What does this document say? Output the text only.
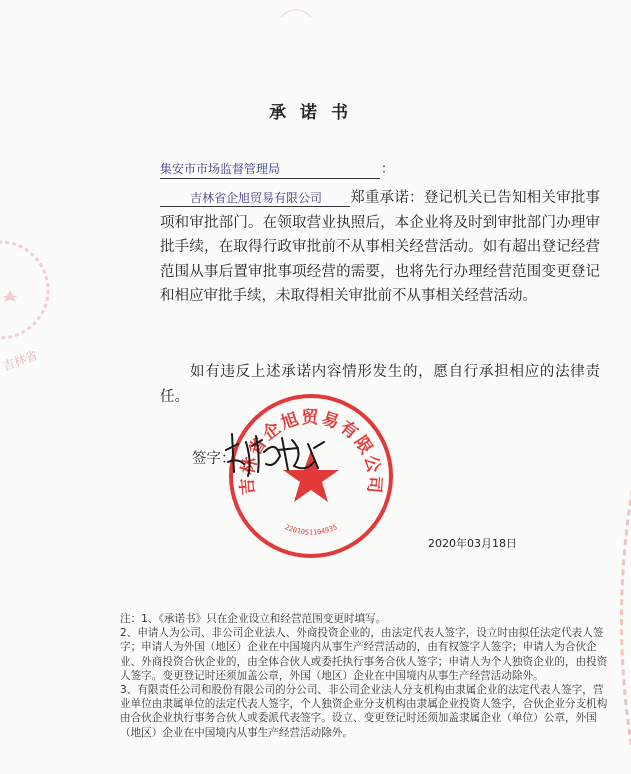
吉林省
承诺书
集安市市场监督管理局	：
吉林省企旭贸易有限公司 郑重承诺：登记机关已告知相关审批事项和审批部门。在领取营业执照后，本企业将及时到审批部门办理审批手续，在取得行政审批前不从事相关经营活动。如有超出登记经营范围从事后置审批事项经营的需要，也将先行办理经营范围变更登记和相应审批手续，未取得相关审批前不从事相关经营活动。
如有违反上述承诺内容情形发生的，愿自行承担相应的法律责任。
签字：
吉林省企旭贸易有限公司
2201051104935
2020年03月18日

注：1、《承诺书》只在企业设立和经营范围变更时填写。

2、申请人为公司、非公司企业法人、外商投资企业的，由法定代表人签字，设立时由拟任法定代表人签字；申请人为外国（地区）企业在中国境内从事生产经营活动的，由有权签字人签字；申请人为合伙企业、外商投资合伙企业的，由全体合伙人或委托执行事务合伙人签字；申请人为个人独资企业的，由投资人签字。变更登记时还须加盖公章，外国（地区）企业在中国境内从事生产经营活动除外。

3、有限责任公司和股份有限公司的分公司、非公司企业法人分支机构由隶属企业的法定代表人签字，营业单位由隶属单位的法定代表人签字，个人独资企业分支机构由隶属企业投资人签字，合伙企业分支机构由合伙企业执行事务合伙人或委派代表签字。设立、变更登记时还须加盖隶属企业（单位）公章，外国（地区）企业在中国境内从事生产经营活动除外。
